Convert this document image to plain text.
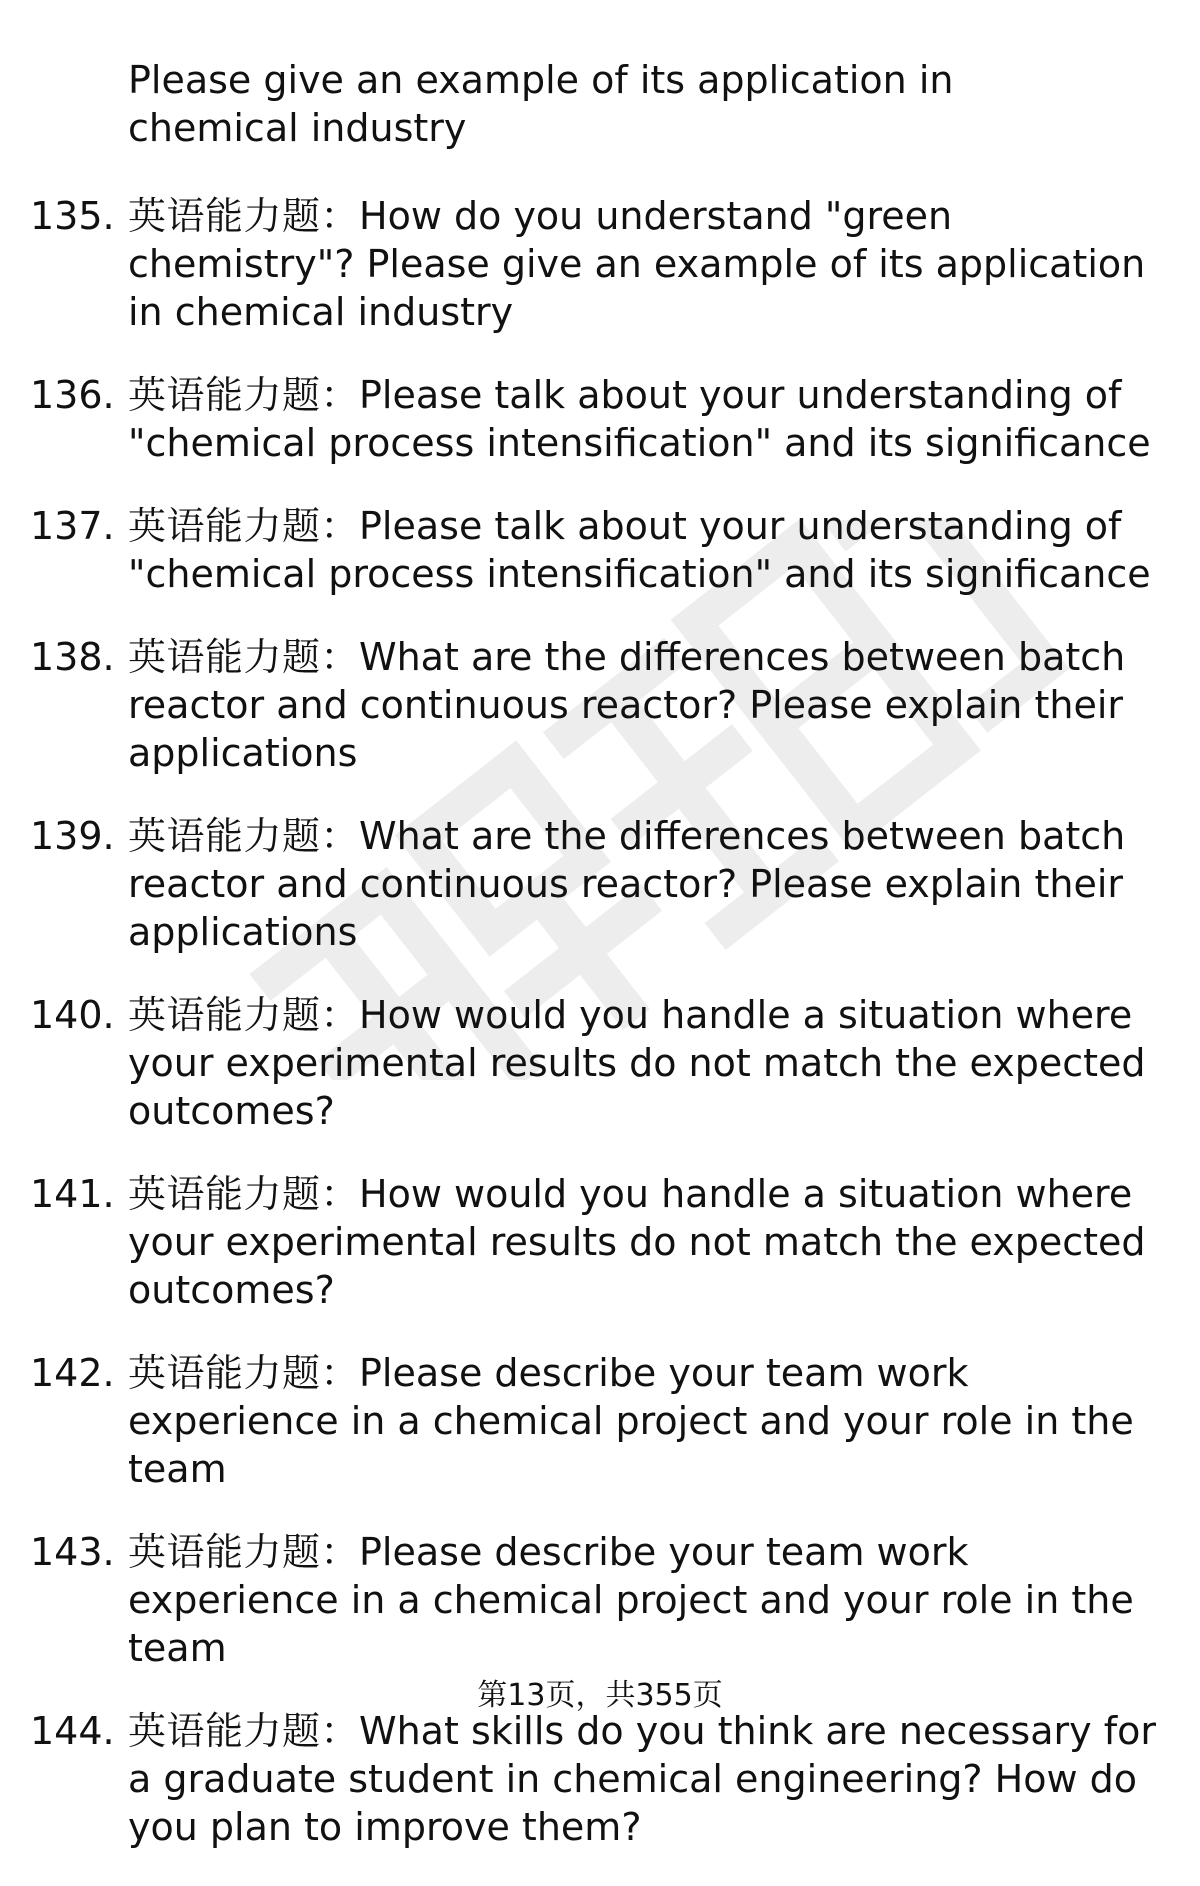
Please give an example of its application in chemical industry
135. 英语能力题：How do you understand "green chemistry"? Please give an example of its application in chemical industry
136. 英语能力题：Please talk about your understanding of "chemical process intensification" and its significance
137. 英语能力题：Please talk about your understanding of "chemical process intensification" and its significance
138. 英语能力题：What are the differences between batch reactor and continuous reactor? Please explain their applications
139. 英语能力题：What are the differences between batch reactor and continuous reactor? Please explain their applications
140. 英语能力题：How would you handle a situation where your experimental results do not match the expected outcomes?
141. 英语能力题：How would you handle a situation where your experimental results do not match the expected outcomes?
142. 英语能力题：Please describe your team work experience in a chemical project and your role in the team
143. 英语能力题：Please describe your team work experience in a chemical project and your role in the team
144. 英语能力题：What skills do you think are necessary for a graduate student in chemical engineering? How do you plan to improve them?
第13页，共355页
